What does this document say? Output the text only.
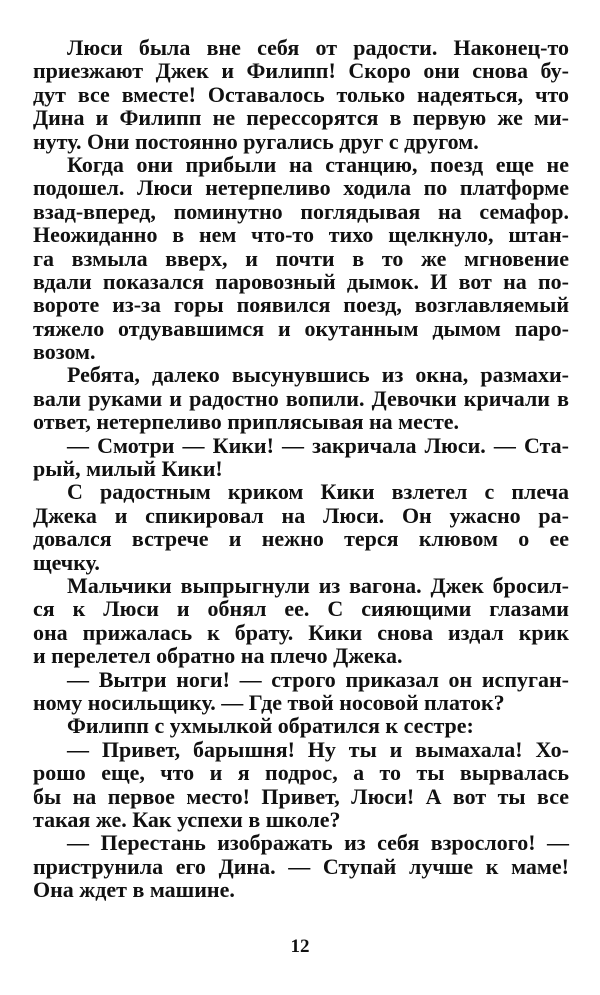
Люси была вне себя от радости. Наконец-то
приезжают Джек и Филипп! Скоро они снова бу-
дут все вместе! Оставалось только надеяться, что
Дина и Филипп не перессорятся в первую же ми-
нуту. Они постоянно ругались друг с другом.
Когда они прибыли на станцию, поезд еще не
подошел. Люси нетерпеливо ходила по платформе
взад-вперед, поминутно поглядывая на семафор.
Неожиданно в нем что-то тихо щелкнуло, штан-
га взмыла вверх, и почти в то же мгновение
вдали показался паровозный дымок. И вот на по-
вороте из-за горы появился поезд, возглавляемый
тяжело отдувавшимся и окутанным дымом паро-
возом.
Ребята, далеко высунувшись из окна, размахи-
вали руками и радостно вопили. Девочки кричали в
ответ, нетерпеливо приплясывая на месте.
— Смотри — Кики! — закричала Люси. — Ста-
рый, милый Кики!
С радостным криком Кики взлетел с плеча
Джека и спикировал на Люси. Он ужасно ра-
довался встрече и нежно терся клювом о ее
щечку.
Мальчики выпрыгнули из вагона. Джек бросил-
ся к Люси и обнял ее. С сияющими глазами
она прижалась к брату. Кики снова издал крик
и перелетел обратно на плечо Джека.
— Вытри ноги! — строго приказал он испуган-
ному носильщику. — Где твой носовой платок?
Филипп с ухмылкой обратился к сестре:
— Привет, барышня! Ну ты и вымахала! Хо-
рошо еще, что и я подрос, а то ты вырвалась
бы на первое место! Привет, Люси! А вот ты все
такая же. Как успехи в школе?
— Перестань изображать из себя взрослого! —
приструнила его Дина. — Ступай лучше к маме!
Она ждет в машине.
12
